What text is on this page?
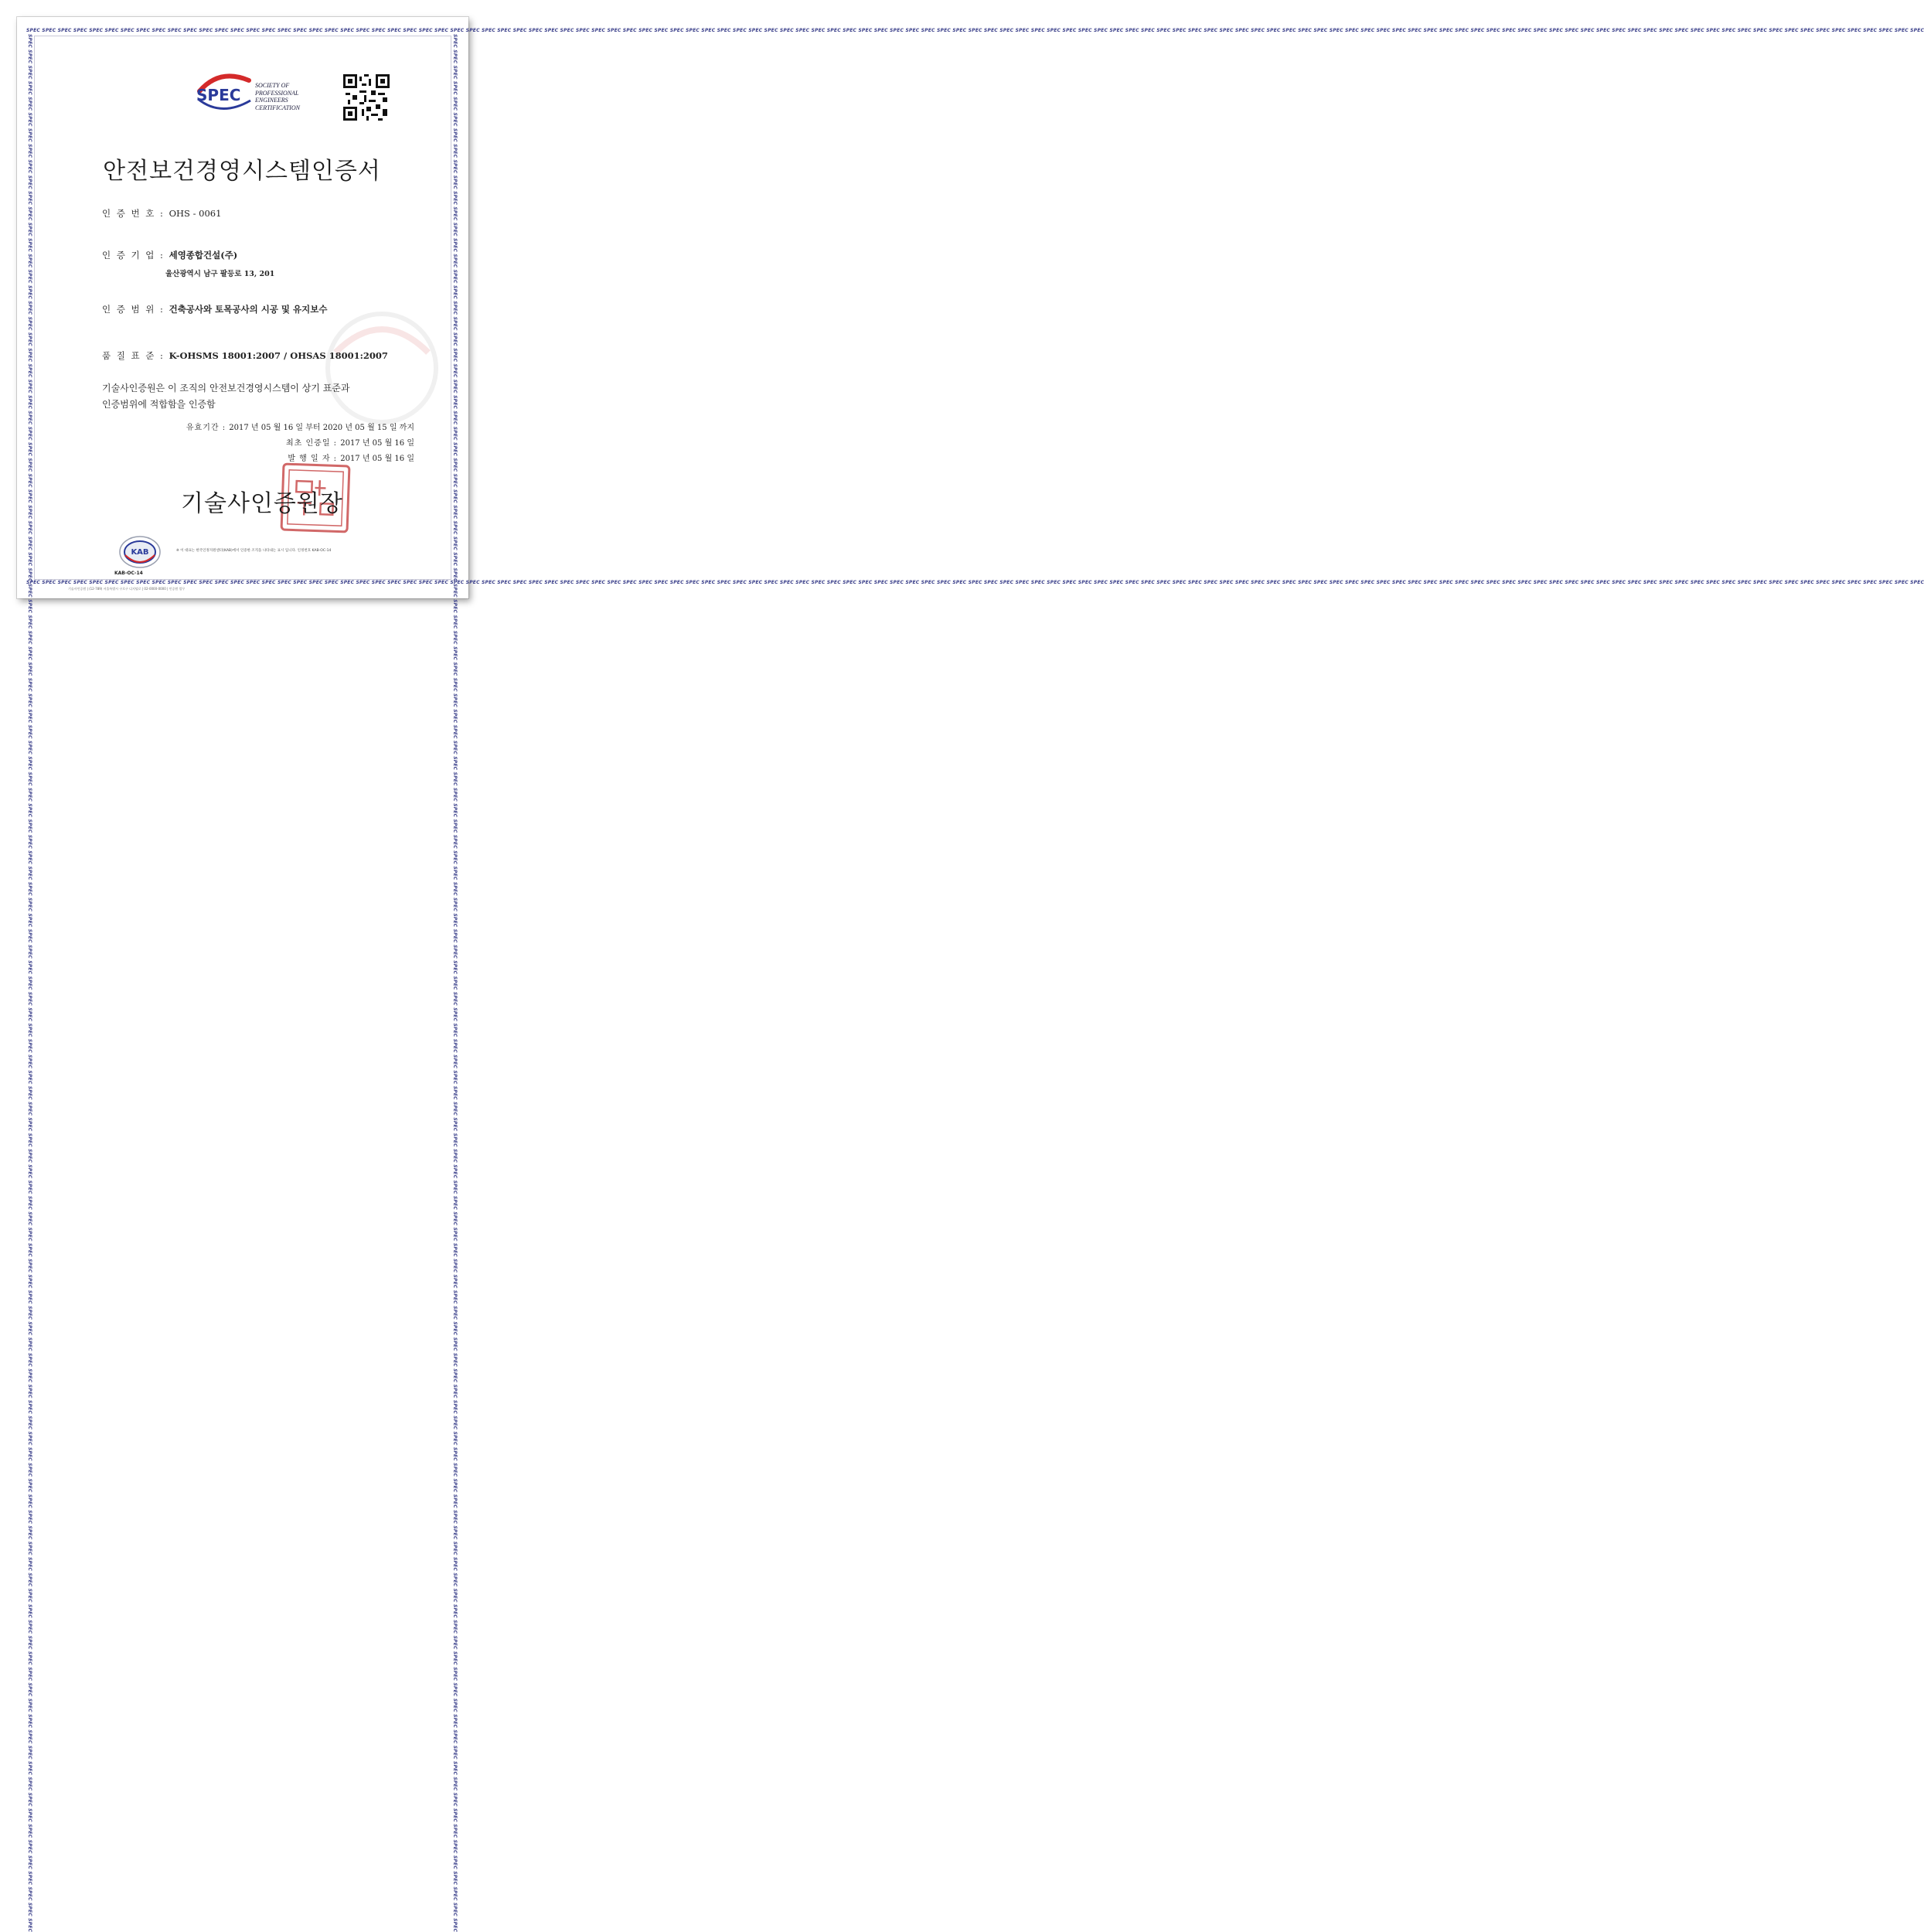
SPEC SPEC SPEC SPEC SPEC SPEC SPEC SPEC SPEC SPEC SPEC SPEC SPEC SPEC SPEC SPEC SPEC SPEC SPEC SPEC SPEC SPEC SPEC SPEC SPEC SPEC SPEC SPEC SPEC SPEC SPEC SPEC SPEC SPEC SPEC SPEC SPEC SPEC SPEC SPEC SPEC SPEC SPEC SPEC SPEC SPEC SPEC SPEC SPEC SPEC SPEC SPEC SPEC SPEC SPEC SPEC SPEC SPEC SPEC SPEC SPEC SPEC SPEC SPEC SPEC SPEC SPEC SPEC SPEC SPEC SPEC SPEC SPEC SPEC SPEC SPEC SPEC SPEC SPEC SPEC SPEC SPEC SPEC SPEC SPEC SPEC SPEC SPEC SPEC SPEC SPEC SPEC SPEC SPEC SPEC SPEC SPEC SPEC SPEC SPEC SPEC SPEC SPEC SPEC SPEC SPEC SPEC SPEC SPEC SPEC SPEC SPEC SPEC SPEC SPEC SPEC SPEC SPEC SPEC SPEC SPEC
SPEC SPEC SPEC SPEC SPEC SPEC SPEC SPEC SPEC SPEC SPEC SPEC SPEC SPEC SPEC SPEC SPEC SPEC SPEC SPEC SPEC SPEC SPEC SPEC SPEC SPEC SPEC SPEC SPEC SPEC SPEC SPEC SPEC SPEC SPEC SPEC SPEC SPEC SPEC SPEC SPEC SPEC SPEC SPEC SPEC SPEC SPEC SPEC SPEC SPEC SPEC SPEC SPEC SPEC SPEC SPEC SPEC SPEC SPEC SPEC SPEC SPEC SPEC SPEC SPEC SPEC SPEC SPEC SPEC SPEC SPEC SPEC SPEC SPEC SPEC SPEC SPEC SPEC SPEC SPEC SPEC SPEC SPEC SPEC SPEC SPEC SPEC SPEC SPEC SPEC SPEC SPEC SPEC SPEC SPEC SPEC SPEC SPEC SPEC SPEC SPEC SPEC SPEC SPEC SPEC SPEC SPEC SPEC SPEC SPEC SPEC SPEC SPEC SPEC SPEC SPEC SPEC SPEC SPEC SPEC SPEC
SPEC SPEC SPEC SPEC SPEC SPEC SPEC SPEC SPEC SPEC SPEC SPEC SPEC SPEC SPEC SPEC SPEC SPEC SPEC SPEC SPEC SPEC SPEC SPEC SPEC SPEC SPEC SPEC SPEC SPEC SPEC SPEC SPEC SPEC SPEC SPEC SPEC SPEC SPEC SPEC SPEC SPEC SPEC SPEC SPEC SPEC SPEC SPEC SPEC SPEC SPEC SPEC SPEC SPEC SPEC SPEC SPEC SPEC SPEC SPEC SPEC SPEC SPEC SPEC SPEC SPEC SPEC SPEC SPEC SPEC SPEC SPEC SPEC SPEC SPEC SPEC SPEC SPEC SPEC SPEC SPEC SPEC SPEC SPEC SPEC SPEC SPEC SPEC SPEC SPEC SPEC SPEC SPEC SPEC SPEC SPEC SPEC SPEC SPEC SPEC SPEC SPEC SPEC SPEC SPEC SPEC SPEC SPEC SPEC SPEC SPEC SPEC SPEC SPEC SPEC SPEC SPEC SPEC SPEC SPEC SPEC	SPEC SPEC SPEC SPEC SPEC SPEC SPEC SPEC SPEC SPEC SPEC SPEC SPEC SPEC SPEC SPEC SPEC SPEC SPEC SPEC SPEC SPEC SPEC SPEC SPEC SPEC SPEC SPEC SPEC SPEC SPEC SPEC SPEC SPEC SPEC SPEC SPEC SPEC SPEC SPEC SPEC SPEC SPEC SPEC SPEC SPEC SPEC SPEC SPEC SPEC SPEC SPEC SPEC SPEC SPEC SPEC SPEC SPEC SPEC SPEC SPEC SPEC SPEC SPEC SPEC SPEC SPEC SPEC SPEC SPEC SPEC SPEC SPEC SPEC SPEC SPEC SPEC SPEC SPEC SPEC SPEC SPEC SPEC SPEC SPEC SPEC SPEC SPEC SPEC SPEC SPEC SPEC SPEC SPEC SPEC SPEC SPEC SPEC SPEC SPEC SPEC SPEC SPEC SPEC SPEC SPEC SPEC SPEC SPEC SPEC SPEC SPEC SPEC SPEC SPEC SPEC SPEC SPEC SPEC SPEC SPEC
SPEC
SOCIETY OF
PROFESSIONAL
ENGINEERS
CERTIFICATION
안전보건경영시스템인증서
인 증 번 호 : OHS - 0061
인 증 기 업 : 세영종합건설(주)
울산광역시 남구 팔등로 13, 201
인 증 범 위 : 건축공사와 토목공사의 시공 및 유지보수
품 질 표 준 : K-OHSMS 18001:2007 / OHSAS 18001:2007
기술사인증원은 이 조직의 안전보건경영시스템이 상기 표준과
인증범위에 적합함을 인증함
유효기간 : 2017 년 05 월 16 일 부터 2020 년 05 월 15 일 까지
최초 인증일 : 2017 년 05 월 16 일
발 행 일 자 : 2017 년 05 월 16 일
기술사인증원장
KAB
KAB-OC-14
※ 이 대표는 한국인정지원센터(KAB)에서 인증한 조직을 나타내는 표시 입니다. 인정번호 KAB-OC-14
기술사인증원 | (12-789) 서울특별시 구로구 디지털로 | 02-0000-0000 | 인증원 업무
